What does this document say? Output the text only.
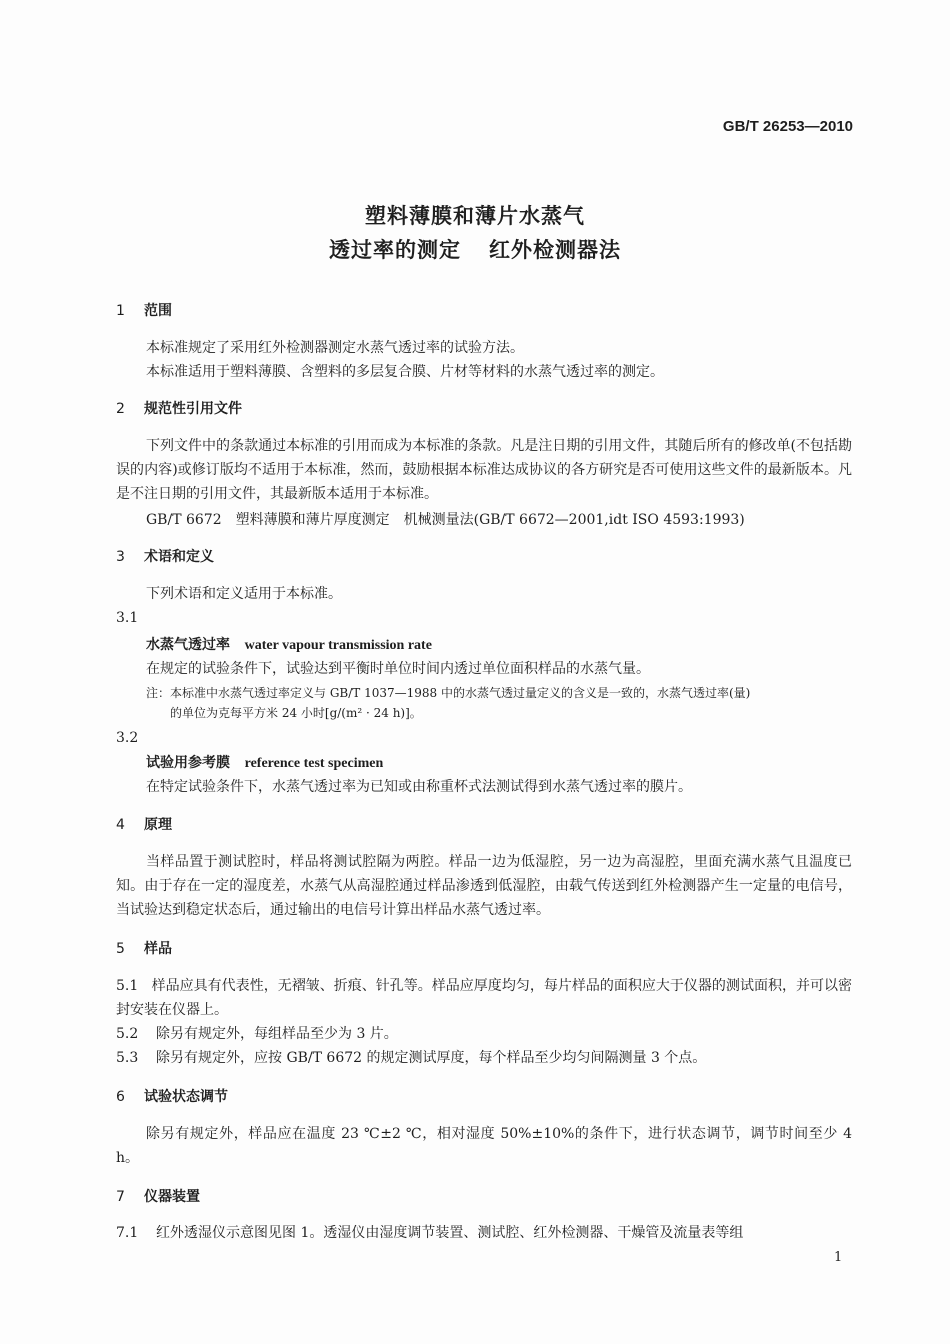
GB/T 26253—2010
塑料薄膜和薄片水蒸气
透过率的测定 红外检测器法
1 范围
本标准规定了采用红外检测器测定水蒸气透过率的试验方法。
本标准适用于塑料薄膜、含塑料的多层复合膜、片材等材料的水蒸气透过率的测定。
2 规范性引用文件
下列文件中的条款通过本标准的引用而成为本标准的条款。凡是注日期的引用文件，其随后所有的修改单(不包括勘误的内容)或修订版均不适用于本标准，然而，鼓励根据本标准达成协议的各方研究是否可使用这些文件的最新版本。凡是不注日期的引用文件，其最新版本适用于本标准。
GB/T 6672　塑料薄膜和薄片厚度测定　机械测量法(GB/T 6672—2001,idt ISO 4593:1993)
3 术语和定义
下列术语和定义适用于本标准。
3.1
水蒸气透过率 water vapour transmission rate
在规定的试验条件下，试验达到平衡时单位时间内透过单位面积样品的水蒸气量。
注：本标准中水蒸气透过率定义与 GB/T 1037—1988 中的水蒸气透过量定义的含义是一致的，水蒸气透过率(量)
的单位为克每平方米 24 小时[g/(m² · 24 h)]。
3.2
试验用参考膜 reference test specimen
在特定试验条件下，水蒸气透过率为已知或由称重杯式法测试得到水蒸气透过率的膜片。
4 原理
当样品置于测试腔时，样品将测试腔隔为两腔。样品一边为低湿腔，另一边为高湿腔，里面充满水蒸气且温度已知。由于存在一定的湿度差，水蒸气从高湿腔通过样品渗透到低湿腔，由载气传送到红外检测器产生一定量的电信号，当试验达到稳定状态后，通过输出的电信号计算出样品水蒸气透过率。
5 样品
5.1 样品应具有代表性，无褶皱、折痕、针孔等。样品应厚度均匀，每片样品的面积应大于仪器的测试面积，并可以密封安装在仪器上。
5.2 除另有规定外，每组样品至少为 3 片。
5.3 除另有规定外，应按 GB/T 6672 的规定测试厚度，每个样品至少均匀间隔测量 3 个点。
6 试验状态调节
除另有规定外，样品应在温度 23 ℃±2 ℃，相对湿度 50%±10%的条件下，进行状态调节，调节时间至少 4 h。
7 仪器装置
7.1 红外透湿仪示意图见图 1。透湿仪由湿度调节装置、测试腔、红外检测器、干燥管及流量表等组
1
